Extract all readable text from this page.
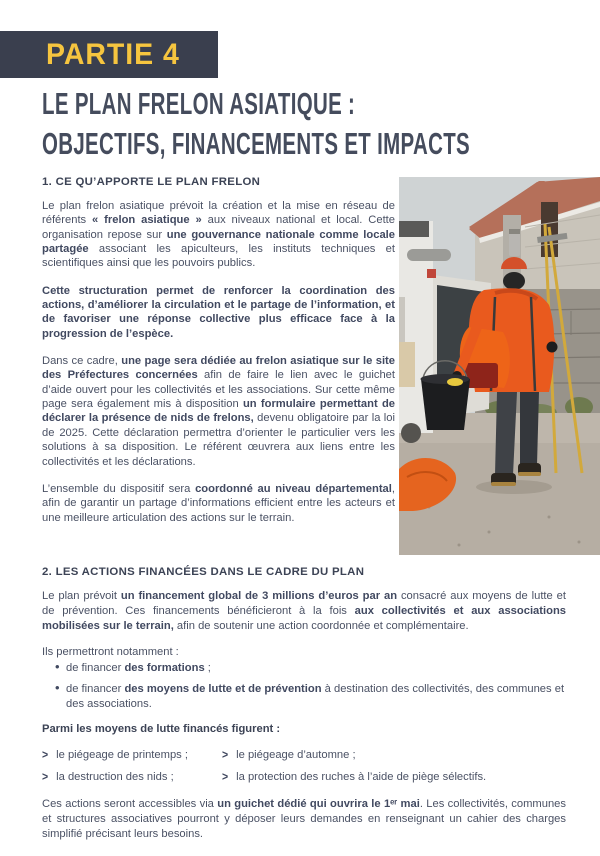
PARTIE 4
LE PLAN FRELON ASIATIQUE :
OBJECTIFS, FINANCEMENTS ET IMPACTS
1. CE QU’APPORTE LE PLAN FRELON

Le plan frelon asiatique prévoit la création et la mise en réseau de référents « frelon asiatique » aux niveaux national et local. Cette organisation repose sur une gouvernance nationale comme locale partagée associant les apiculteurs, les instituts techniques et scientifiques ainsi que les pouvoirs publics.

Cette structuration permet de renforcer la coordination des actions, d’améliorer la circulation et le partage de l’information, et de favoriser une réponse collective plus efficace face à la progression de l’espèce.

Dans ce cadre, une page sera dédiée au frelon asiatique sur le site des Préfectures concernées afin de faire le lien avec le guichet d’aide ouvert pour les collectivités et les associations. Sur cette même page sera également mis à disposition un formulaire permettant de déclarer la présence de nids de frelons, devenu obligatoire par la loi de 2025. Cette déclaration permettra d’orienter le particulier vers les solutions à sa disposition. Le référent œuvrera aux liens entre les collectivités et les déclarations.

L’ensemble du dispositif sera coordonné au niveau départemental, afin de garantir un partage d’informations efficient entre les acteurs et une meilleure articulation des actions sur le terrain.

2. LES ACTIONS FINANCÉES DANS LE CADRE DU PLAN

Le plan prévoit un financement global de 3 millions d’euros par an consacré aux moyens de lutte et de prévention. Ces financements bénéficieront à la fois aux collectivités et aux associations mobilisées sur le terrain, afin de soutenir une action coordonnée et complémentaire.

Ils permettront notamment :

• de financer des formations ;
• de financer des moyens de lutte et de prévention à destination des collectivités, des communes et des associations.

Parmi les moyens de lutte financés figurent :

> le piégeage de printemps ;	> le piégeage d’automne ;
> la destruction des nids ;	> la protection des ruches à l’aide de piège sélectifs.

Ces actions seront accessibles via un guichet dédié qui ouvrira le 1ᵉʳ mai. Les collectivités, communes et structures associatives pourront y déposer leurs demandes en renseignant un cahier des charges simplifié précisant leurs besoins.
